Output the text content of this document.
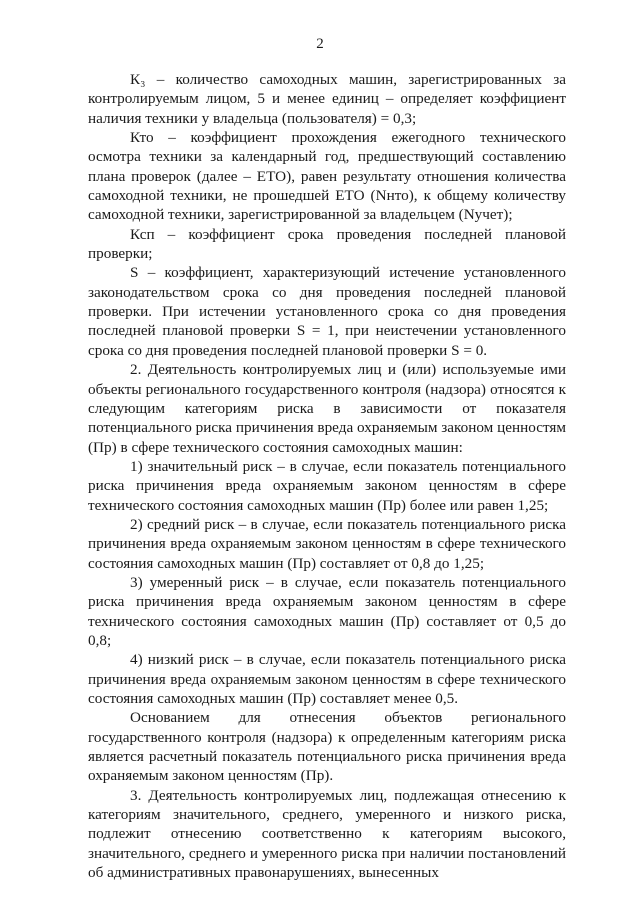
2

К₃ – количество самоходных машин, зарегистрированных за контролируемым лицом, 5 и менее единиц – определяет коэффициент наличия техники у владельца (пользователя) = 0,3;

Кто – коэффициент прохождения ежегодного технического осмотра техники за календарный год, предшествующий составлению плана проверок (далее – ЕТО), равен результату отношения количества самоходной техники, не прошедшей ЕТО (Nнто), к общему количеству самоходной техники, зарегистрированной за владельцем (Nучет);

Ксп – коэффициент срока проведения последней плановой проверки;

S – коэффициент, характеризующий истечение установленного законодательством срока со дня проведения последней плановой проверки. При истечении установленного срока со дня проведения последней плановой проверки S = 1, при неистечении установленного срока со дня проведения последней плановой проверки S = 0.

2. Деятельность контролируемых лиц и (или) используемые ими объекты регионального государственного контроля (надзора) относятся к следующим категориям риска в зависимости от показателя потенциального риска причинения вреда охраняемым законом ценностям (Пр) в сфере технического состояния самоходных машин:

1) значительный риск – в случае, если показатель потенциального риска причинения вреда охраняемым законом ценностям в сфере технического состояния самоходных машин (Пр) более или равен 1,25;

2) средний риск – в случае, если показатель потенциального риска причинения вреда охраняемым законом ценностям в сфере технического состояния самоходных машин (Пр) составляет от 0,8 до 1,25;

3) умеренный риск – в случае, если показатель потенциального риска причинения вреда охраняемым законом ценностям в сфере технического состояния самоходных машин (Пр) составляет от 0,5 до 0,8;

4) низкий риск – в случае, если показатель потенциального риска причинения вреда охраняемым законом ценностям в сфере технического состояния самоходных машин (Пр) составляет менее 0,5.

Основанием для отнесения объектов регионального государственного контроля (надзора) к определенным категориям риска является расчетный показатель потенциального риска причинения вреда охраняемым законом ценностям (Пр).

3. Деятельность контролируемых лиц, подлежащая отнесению к категориям значительного, среднего, умеренного и низкого риска, подлежит отнесению соответственно к категориям высокого, значительного, среднего и умеренного риска при наличии постановлений об административных правонарушениях, вынесенных
